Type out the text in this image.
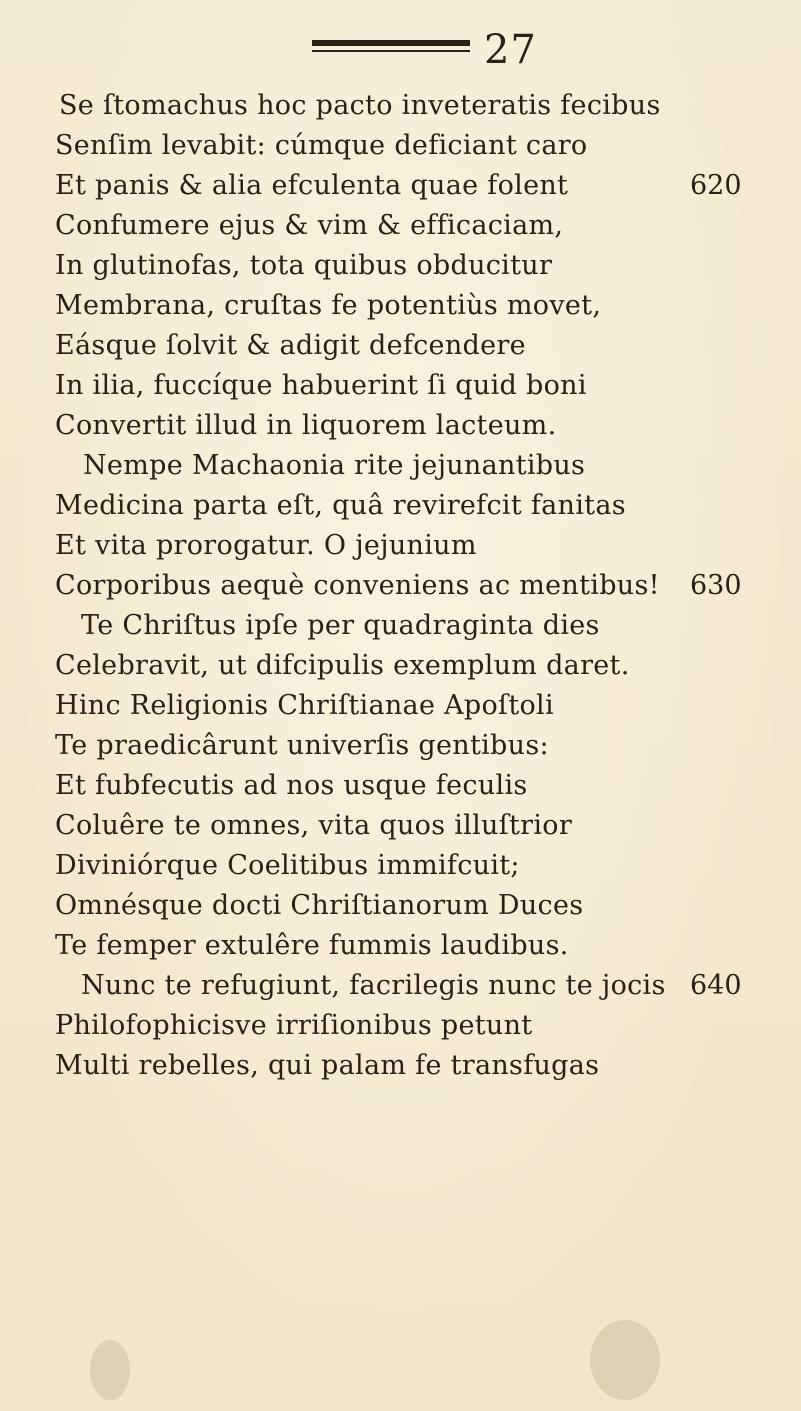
27
Se ſtomachus hoc pacto inveteratis fecibus
Senſim levabit: cúmque deficiant caro
Et panis & alia efculenta quae folent
Confumere ejus & vim & efficaciam,
In glutinofas, tota quibus obducitur
Membrana, cruſtas fe potentiùs movet,
Eásque ſolvit & adigit defcendere
In ilia, fuccíque habuerint ſi quid boni
Convertit illud in liquorem lacteum.
Nempe Machaonia rite jejunantibus
Medicina parta eſt, quâ revirefcit fanitas
Et vita prorogatur. O jejunium
Corporibus aequè conveniens ac mentibus!
Te Chriſtus ipſe per quadraginta dies
Celebravit, ut difcipulis exemplum daret.
Hinc Religionis Chriſtianae Apoſtoli
Te praedicârunt univerſis gentibus:
Et fubfecutis ad nos usque feculis
Coluêre te omnes, vita quos illuſtrior
Diviniórque Coelitibus immifcuit;
Omnésque docti Chriſtianorum Duces
Te femper extulêre fummis laudibus.
Nunc te refugiunt, facrilegis nunc te jocis
Philofophicisve irriſionibus petunt
Multi rebelles, qui palam fe transfugas
620
630
640
